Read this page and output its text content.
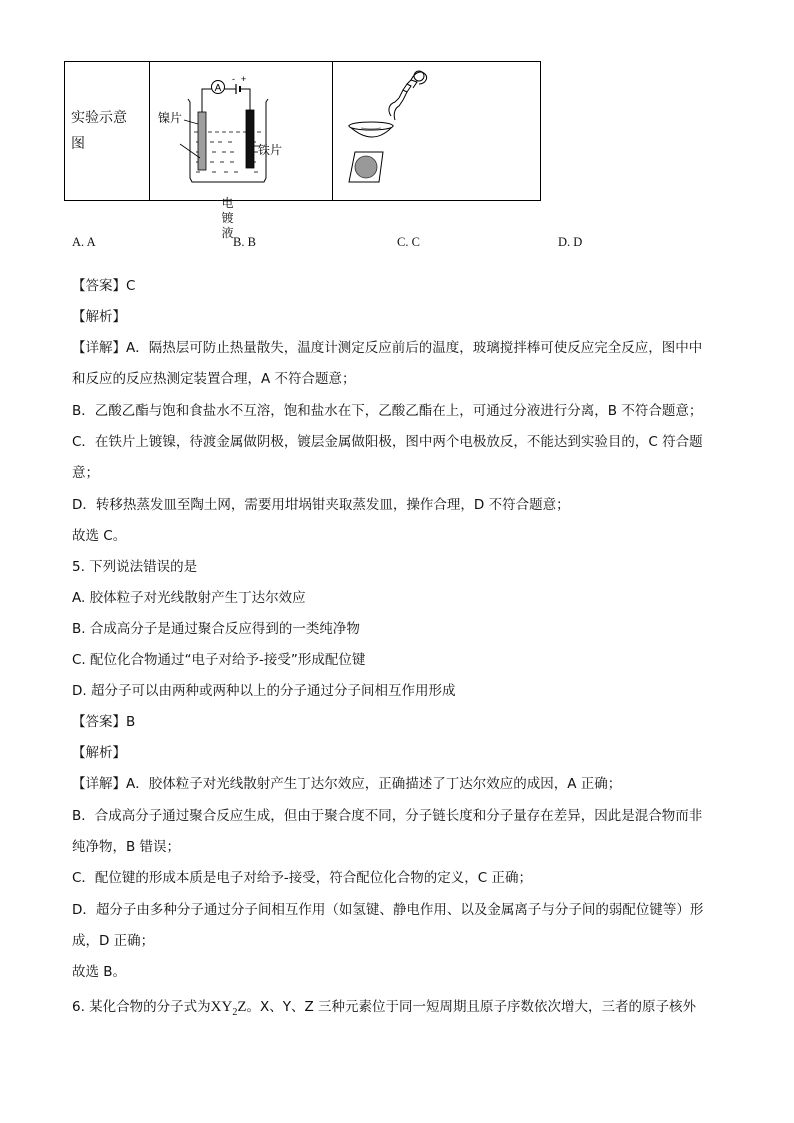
实验示意图

A
- +
镍片
铁片
电镀液

A. A	B. B	C. C	D. D
【答案】C
【解析】
【详解】A．隔热层可防止热量散失，温度计测定反应前后的温度，玻璃搅拌棒可使反应完全反应，图中中
和反应的反应热测定装置合理，A 不符合题意；
B．乙酸乙酯与饱和食盐水不互溶，饱和盐水在下，乙酸乙酯在上，可通过分液进行分离，B 不符合题意；
C．在铁片上镀镍，待渡金属做阴极，镀层金属做阳极，图中两个电极放反，不能达到实验目的，C 符合题
意；
D．转移热蒸发皿至陶土网，需要用坩埚钳夹取蒸发皿，操作合理，D 不符合题意；
故选 C。
5. 下列说法错误的是
A. 胶体粒子对光线散射产生丁达尔效应
B. 合成高分子是通过聚合反应得到的一类纯净物
C. 配位化合物通过“电子对给予-接受”形成配位键
D. 超分子可以由两种或两种以上的分子通过分子间相互作用形成
【答案】B
【解析】
【详解】A．胶体粒子对光线散射产生丁达尔效应，正确描述了丁达尔效应的成因，A 正确；
B．合成高分子通过聚合反应生成，但由于聚合度不同，分子链长度和分子量存在差异，因此是混合物而非
纯净物，B 错误；
C．配位键的形成本质是电子对给予-接受，符合配位化合物的定义，C 正确；
D．超分子由多种分子通过分子间相互作用（如氢键、静电作用、以及金属离子与分子间的弱配位键等）形
成，D 正确；
故选 B。
6. 某化合物的分子式为$XY_2Z$。X、Y、Z 三种元素位于同一短周期且原子序数依次增大，三者的原子核外
